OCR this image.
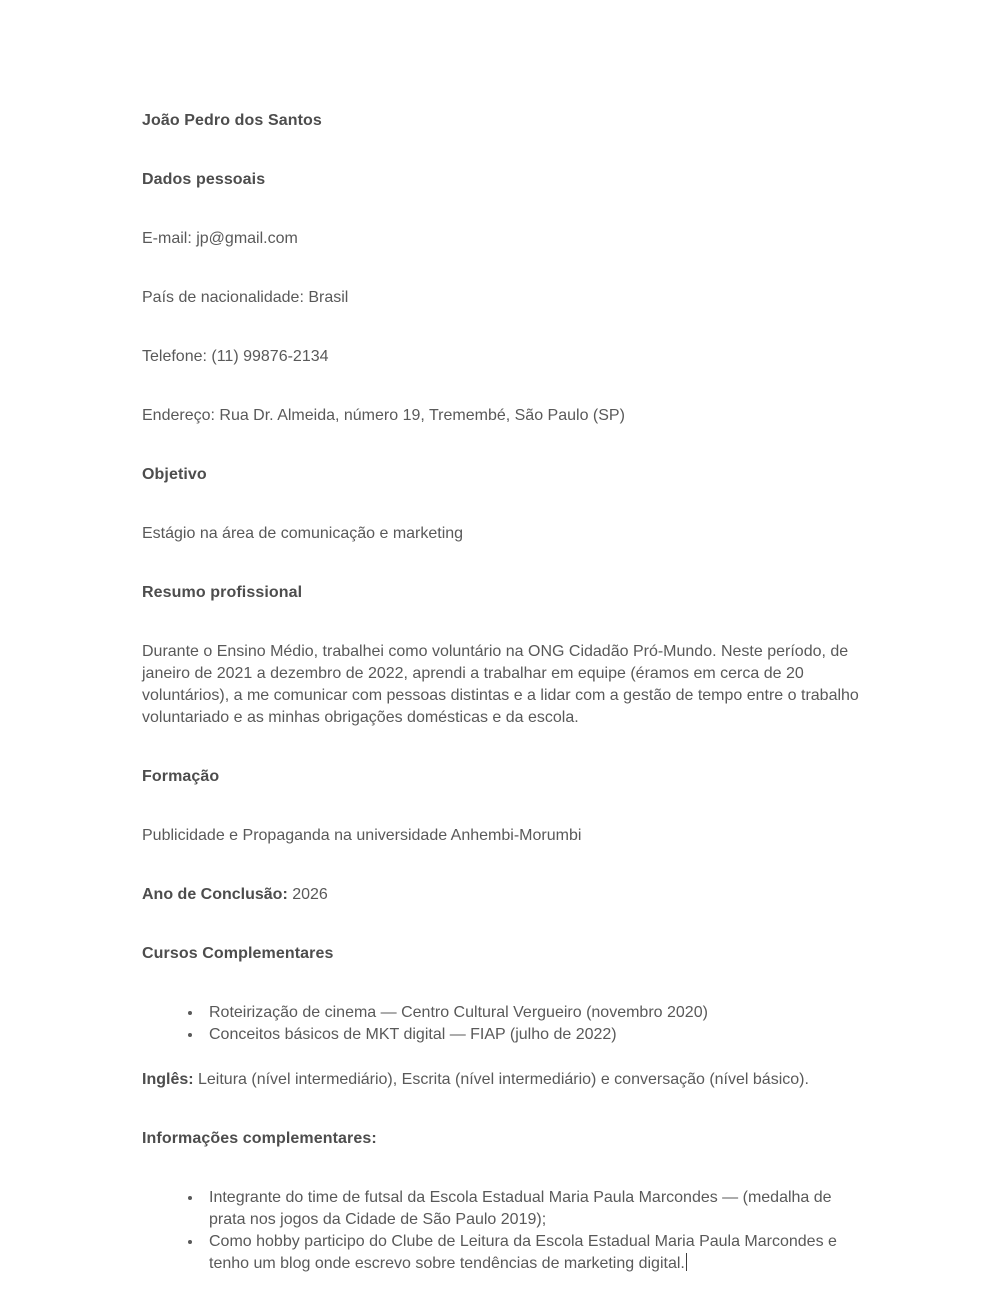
João Pedro dos Santos
Dados pessoais

E-mail: jp@gmail.com

País de nacionalidade: Brasil

Telefone: (11) 99876-2134

Endereço: Rua Dr. Almeida, número 19, Tremembé, São Paulo (SP)

Objetivo

Estágio na área de comunicação e marketing

Resumo profissional

Durante o Ensino Médio, trabalhei como voluntário na ONG Cidadão Pró-Mundo. Neste período, de janeiro de 2021 a dezembro de 2022, aprendi a trabalhar em equipe (éramos em cerca de 20 voluntários), a me comunicar com pessoas distintas e a lidar com a gestão de tempo entre o trabalho voluntariado e as minhas obrigações domésticas e da escola.

Formação

Publicidade e Propaganda na universidade Anhembi-Morumbi

Ano de Conclusão: 2026

Cursos Complementares
• Roteirização de cinema — Centro Cultural Vergueiro (novembro 2020)
• Conceitos básicos de MKT digital — FIAP (julho de 2022)

Inglês: Leitura (nível intermediário), Escrita (nível intermediário) e conversação (nível básico).

Informações complementares:
• Integrante do time de futsal da Escola Estadual Maria Paula Marcondes — (medalha de prata nos jogos da Cidade de São Paulo 2019);
• Como hobby participo do Clube de Leitura da Escola Estadual Maria Paula Marcondes e tenho um blog onde escrevo sobre tendências de marketing digital.
